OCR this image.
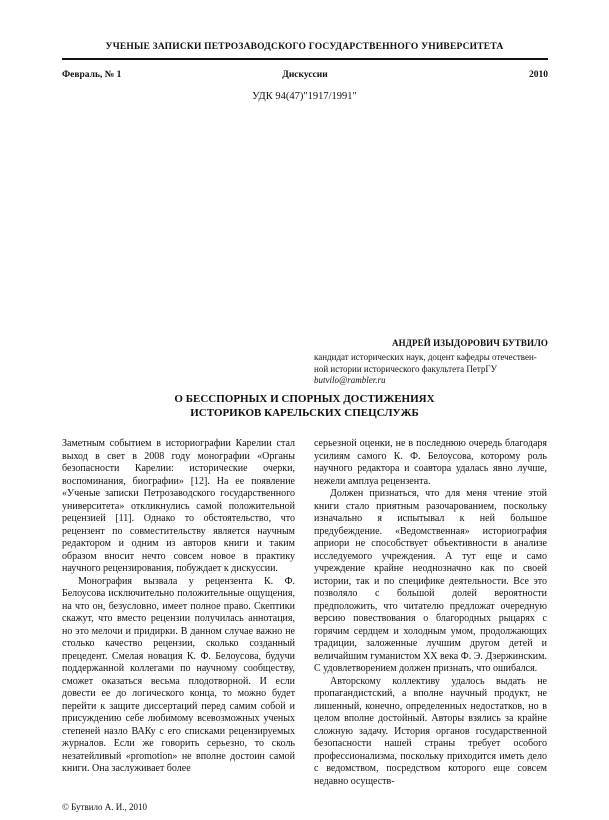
УЧЕНЫЕ ЗАПИСКИ ПЕТРОЗАВОДСКОГО ГОСУДАРСТВЕННОГО УНИВЕРСИТЕТА
Февраль, № 1	Дискуссии	2010
УДК 94(47)"1917/1991"
АНДРЕЙ ИЗЫДОРОВИЧ БУТВИЛО
кандидат исторических наук, доцент кафедры отечествен-
ной истории исторического факультета ПетрГУ
butvilo@rambler.ru
О БЕССПОРНЫХ И СПОРНЫХ ДОСТИЖЕНИЯХ
ИСТОРИКОВ КАРЕЛЬСКИХ СПЕЦСЛУЖБ

Заметным событием в историографии Карелии стал выход в свет в 2008 году монографии «Органы безопасности Карелии: исторические очерки, воспоминания, биографии» [12]. На ее появление «Ученые записки Петрозаводского государственного университета» откликнулись самой положительной рецензией [11]. Однако то обстоятельство, что рецензент по совместительству является научным редактором и одним из авторов книги и таким образом вносит нечто совсем новое в практику научного рецензирования, побуждает к дискуссии.

Монография вызвала у рецензента К. Ф. Белоусова исключительно положительные ощущения, на что он, безусловно, имеет полное право. Скептики скажут, что вместо рецензии получилась аннотация, но это мелочи и придирки. В данном случае важно не столько качество рецензии, сколько созданный прецедент. Смелая новация К. Ф. Белоусова, будучи поддержанной коллегами по научному сообществу, сможет оказаться весьма плодотворной. И если довести ее до логического конца, то можно будет перейти к защите диссертаций перед самим собой и присуждению себе любимому всевозможных ученых степеней назло ВАКу с его списками рецензируемых журналов. Если же говорить серьезно, то сколь незатейливый «promotion» не вполне достоин самой книги. Она заслуживает более

серьезной оценки, не в последнюю очередь благодаря усилиям самого К. Ф. Белоусова, которому роль научного редактора и соавтора удалась явно лучше, нежели амплуа рецензента.

Должен признаться, что для меня чтение этой книги стало приятным разочарованием, поскольку изначально я испытывал к ней большое предубеждение. «Ведомственная» историография априори не способствует объективности в анализе исследуемого учреждения. А тут еще и само учреждение крайне неоднозначно как по своей истории, так и по специфике деятельности. Все это позволяло с большой долей вероятности предположить, что читателю предложат очередную версию повествования о благородных рыцарях с горячим сердцем и холодным умом, продолжающих традиции, заложенные лучшим другом детей и величайшим гуманистом XX века Ф. Э. Дзержинским. С удовлетворением должен признать, что ошибался.

Авторскому коллективу удалось выдать не пропагандистский, а вполне научный продукт, не лишенный, конечно, определенных недостатков, но в целом вполне достойный. Авторы взялись за крайне сложную задачу. История органов государственной безопасности нашей страны требует особого профессионализма, поскольку приходится иметь дело с ведомством, посредством которого еще совсем недавно осуществ-

© Бутвило А. И., 2010
